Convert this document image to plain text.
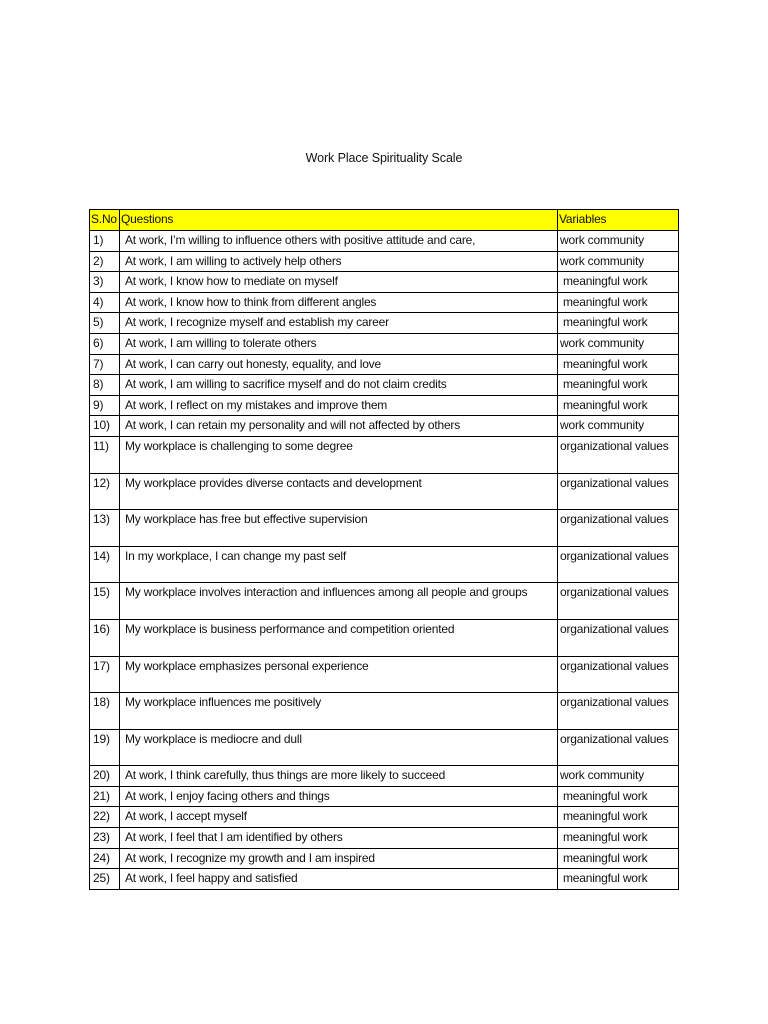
Work Place Spirituality Scale
S.No	Questions	Variables
1)	At work, I’m willing to influence others with positive attitude and care,	work community
2)	At work, I am willing to actively help others	work community
3)	At work, I know how to mediate on myself	meaningful work
4)	At work, I know how to think from different angles	meaningful work
5)	At work, I recognize myself and establish my career	meaningful work
6)	At work, I am willing to tolerate others	work community
7)	At work, I can carry out honesty, equality, and love	meaningful work
8)	At work, I am willing to sacrifice myself and do not claim credits	meaningful work
9)	At work, I reflect on my mistakes and improve them	meaningful work
10)	At work, I can retain my personality and will not affected by others	work community
11)	My workplace is challenging to some degree	organizational values
12)	My workplace provides diverse contacts and development	organizational values
13)	My workplace has free but effective supervision	organizational values
14)	In my workplace, I can change my past self	organizational values
15)	My workplace involves interaction and influences among all people and groups	organizational values
16)	My workplace is business performance and competition oriented	organizational values
17)	My workplace emphasizes personal experience	organizational values
18)	My workplace influences me positively	organizational values
19)	My workplace is mediocre and dull	organizational values
20)	At work, I think carefully, thus things are more likely to succeed	work community
21)	At work, I enjoy facing others and things	meaningful work
22)	At work, I accept myself	meaningful work
23)	At work, I feel that I am identified by others	meaningful work
24)	At work, I recognize my growth and I am inspired	meaningful work
25)	At work, I feel happy and satisfied	meaningful work
